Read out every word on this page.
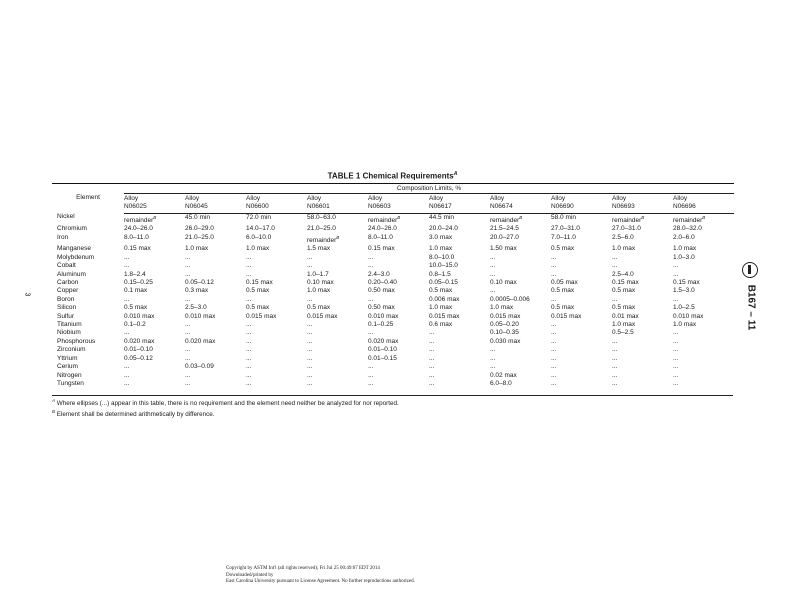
3	B167 – 11
TABLE 1 Chemical Requirements$^A$
Element	Composition Limits, %									

	Alloy	Alloy	Alloy	Alloy	Alloy	Alloy	Alloy	Alloy	Alloy	Alloy
	N06025	N06045	N06600	N06601	N06603	N06617	N06674	N06690	N06693	N06696
Nickel	remainder$^B$	45.0 min	72.0 min	58.0–63.0	remainder$^B$	44.5 min	remainder$^B$	58.0 min	remainder$^B$	remainder$^B$
Chromium	24.0–26.0	26.0–29.0	14.0–17.0	21.0–25.0	24.0–26.0	20.0–24.0	21.5–24.5	27.0–31.0	27.0–31.0	28.0–32.0
Iron	8.0–11.0	21.0–25.0	6.0–10.0	remainder$^B$	8.0–11.0	3.0 max	20.0–27.0	7.0–11.0	2.5–6.0	2.0–6.0
Manganese	0.15 max	1.0 max	1.0 max	1.5 max	0.15 max	1.0 max	1.50 max	0.5 max	1.0 max	1.0 max
Molybdenum	...	...	...	...	...	8.0–10.0	...	...	...	1.0–3.0
Cobalt	...	...	...	...	...	10.0–15.0	...	...	...	...
Aluminum	1.8–2.4	...	...	1.0–1.7	2.4–3.0	0.8–1.5	...	...	2.5–4.0	...
Carbon	0.15–0.25	0.05–0.12	0.15 max	0.10 max	0.20–0.40	0.05–0.15	0.10 max	0.05 max	0.15 max	0.15 max
Copper	0.1 max	0.3 max	0.5 max	1.0 max	0.50 max	0.5 max	...	0.5 max	0.5 max	1.5–3.0
Boron	...	...	...	...	...	0.006 max	0.0005–0.006	...	...	...
Silicon	0.5 max	2.5–3.0	0.5 max	0.5 max	0.50 max	1.0 max	1.0 max	0.5 max	0.5 max	1.0–2.5
Sulfur	0.010 max	0.010 max	0.015 max	0.015 max	0.010 max	0.015 max	0.015 max	0.015 max	0.01 max	0.010 max
Titanium	0.1–0.2	...	...	...	0.1–0.25	0.6 max	0.05–0.20	...	1.0 max	1.0 max
Niobium	...	...	...	...	...	...	0.10–0.35	...	0.5–2.5	...
Phosphorous	0.020 max	0.020 max	...	...	0.020 max	...	0.030 max	...	...	...
Zirconium	0.01–0.10	...	...	...	0.01–0.10	...	...	...	...	...
Yttrium	0.05–0.12	...	...	...	0.01–0.15	...	...	...	...	...
Cerium	...	0.03–0.09	...	...	...	...	...	...	...	...
Nitrogen	...	...	...	...	...	...	0.02 max	...	...	...
Tungsten	...	...	...	...	...	...	6.0–8.0	...	...	...
$^A$ Where ellipses (...) appear in this table, there is no requirement and the element need neither be analyzed for nor reported.
$^B$ Element shall be determined arithmetically by difference.
Copyright by ASTM Int'l (all rights reserved); Fri Jul 25 00:49:07 EDT 2014
Downloaded/printed by
East Carolina University pursuant to License Agreement. No further reproductions authorized.
